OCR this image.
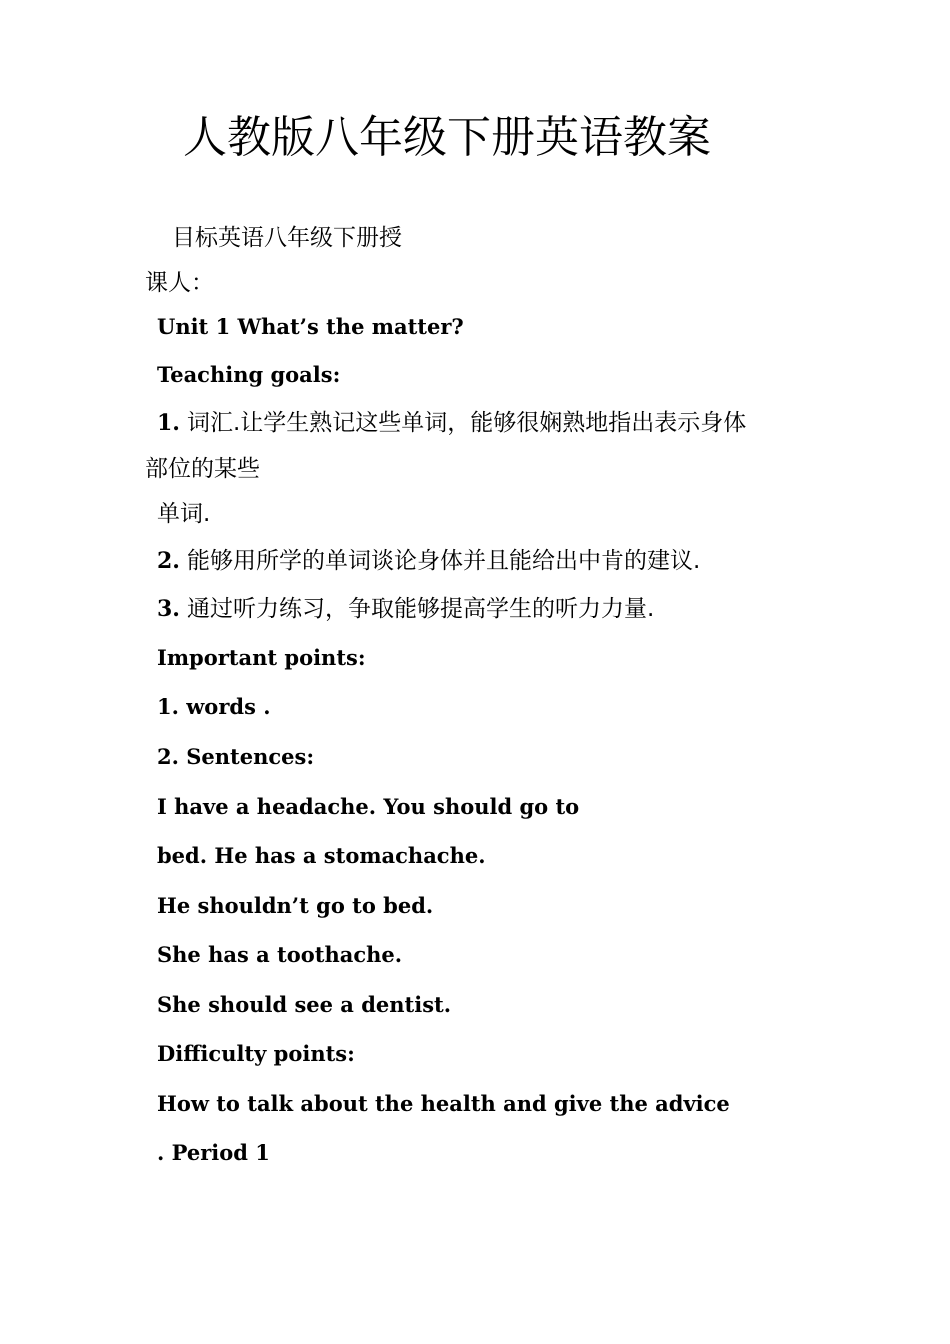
人教版八年级下册英语教案
目标英语八年级下册授
课人：
Unit 1 What’s the matter?
Teaching goals:
1. 词汇.让学生熟记这些单词，能够很娴熟地指出表示身体
部位的某些
单词.
2. 能够用所学的单词谈论身体并且能给出中肯的建议.
3. 通过听力练习，争取能够提高学生的听力力量.
Important points:
1. words .
2. Sentences:
I have a headache. You should go to
bed. He has a stomachache.
He shouldn’t go to bed.
She has a toothache.
She should see a dentist.
Difficulty points:
How to talk about the health and give the advice
. Period 1
